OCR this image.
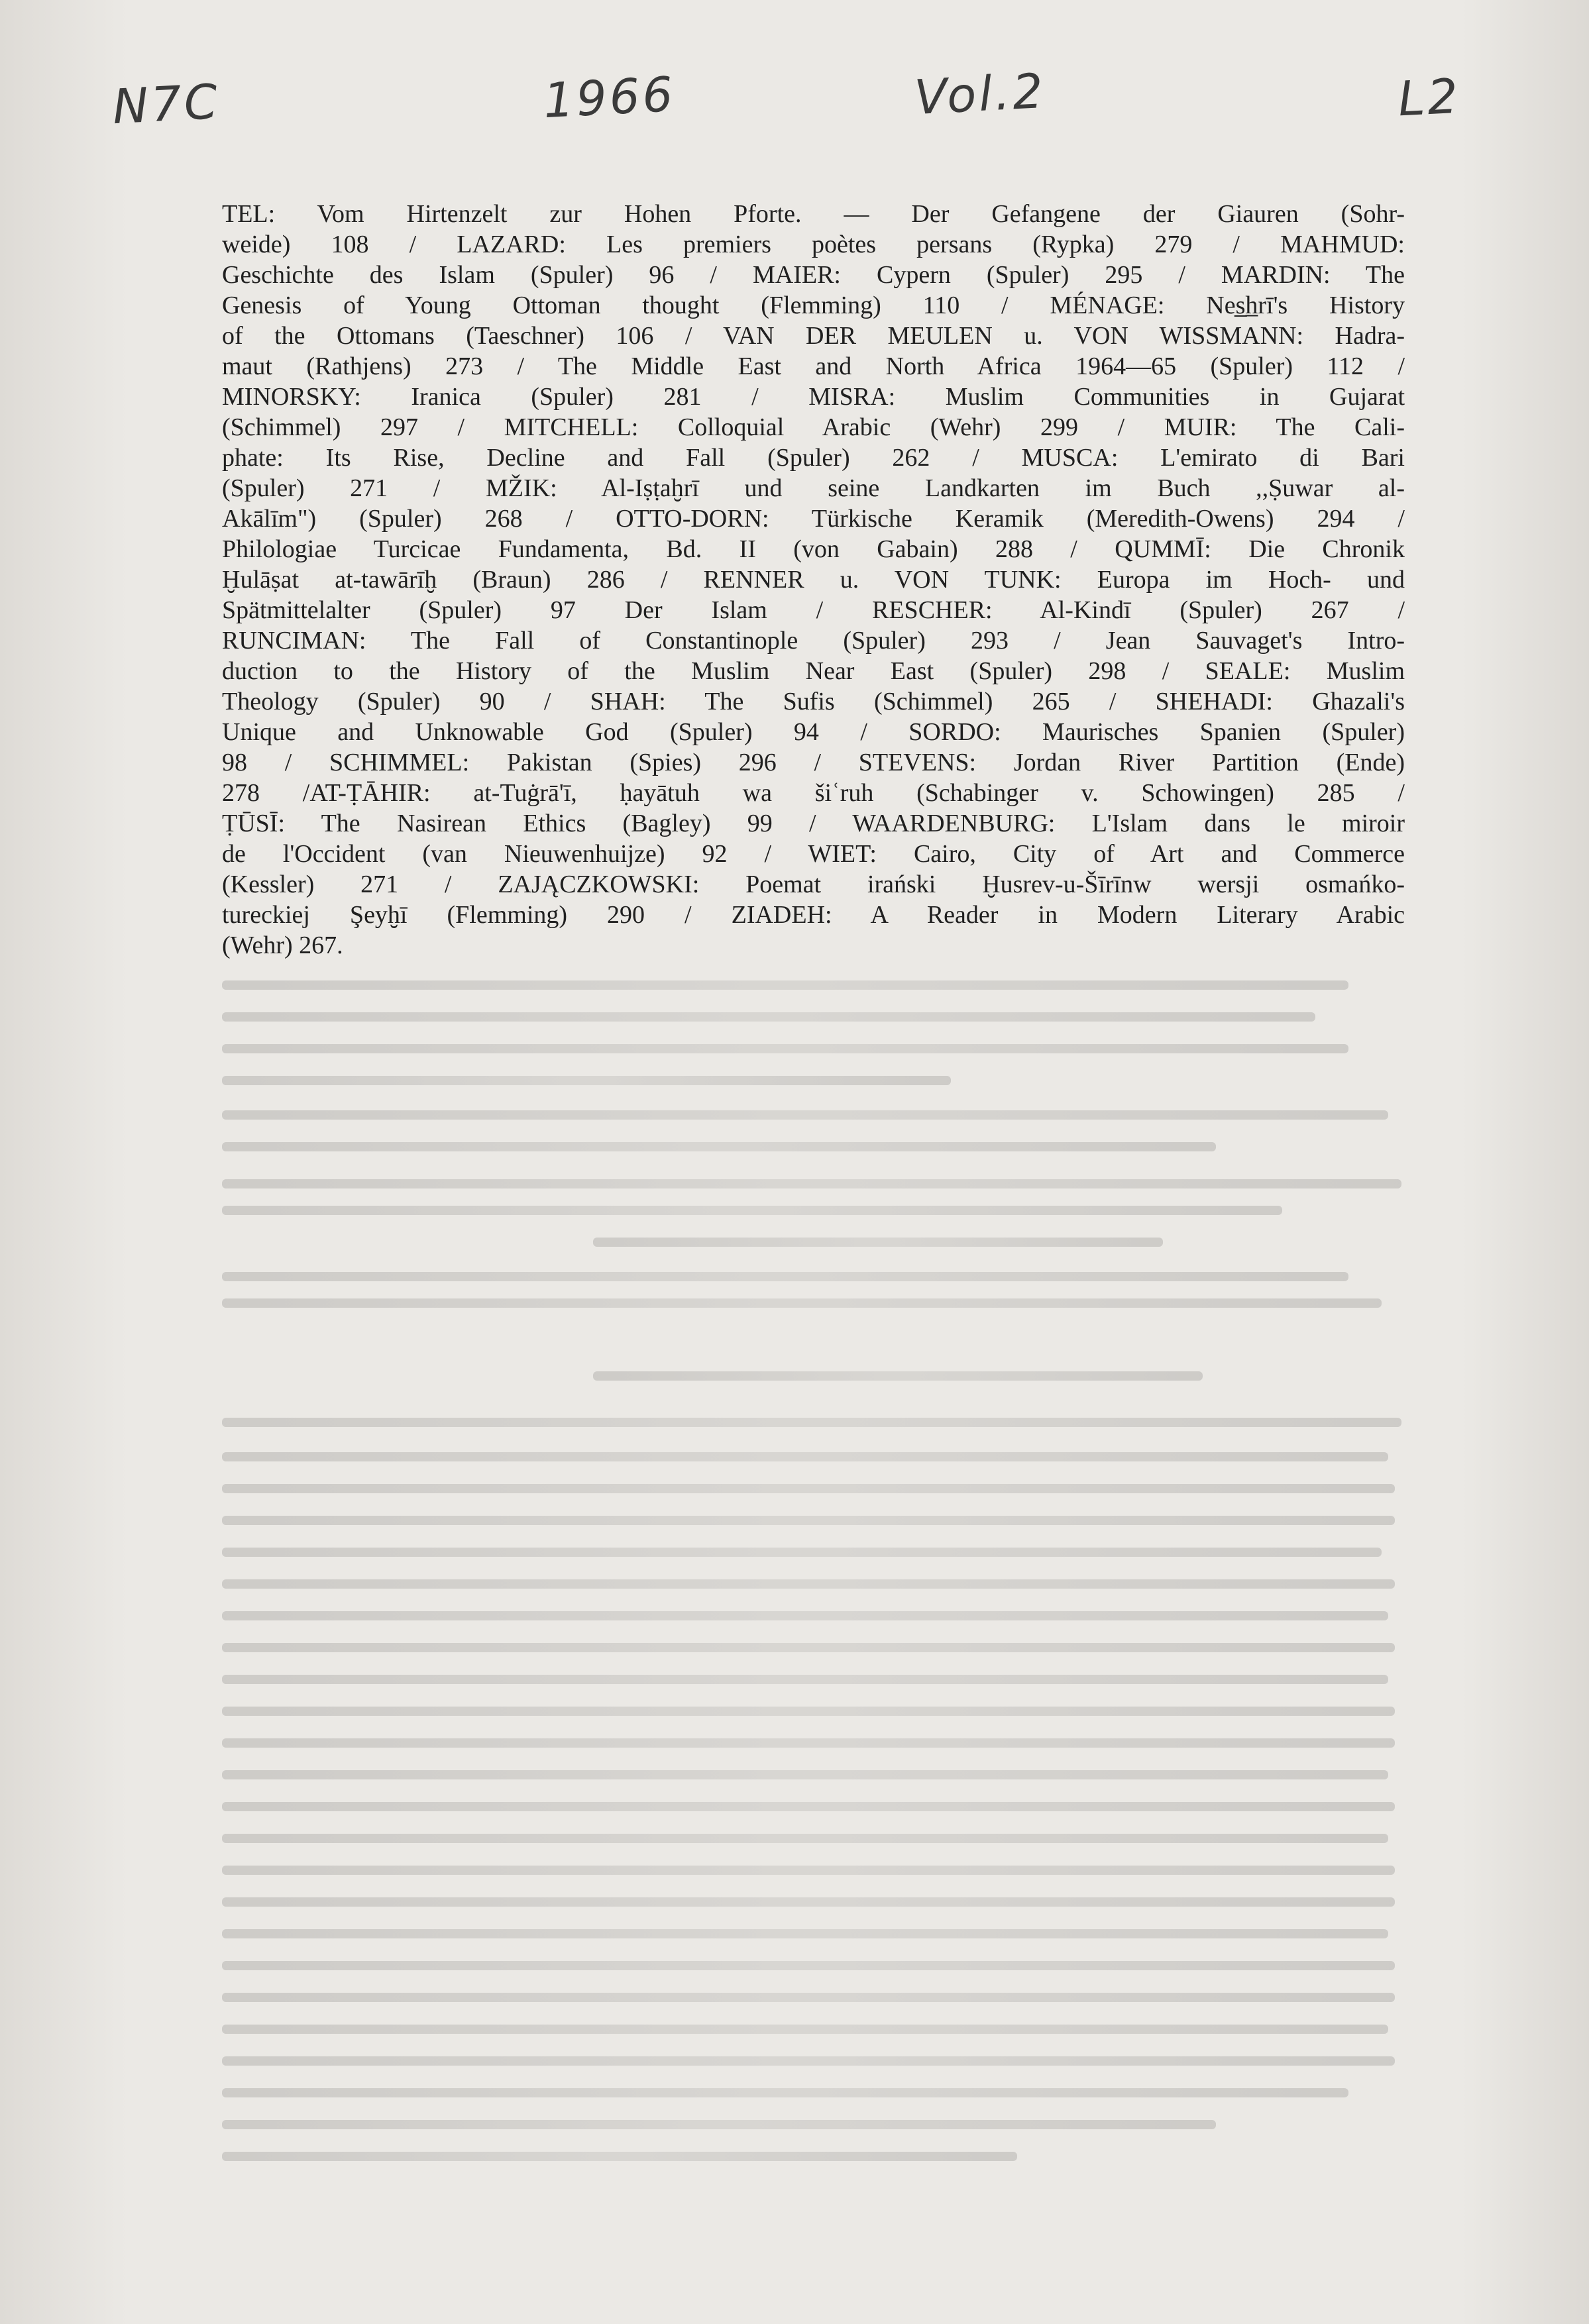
N7C	1966	Vol.2	L2
TEL: Vom Hirtenzelt zur Hohen Pforte. — Der Gefangene der Giauren (Sohr-
weide) 108 / LAZARD: Les premiers poètes persans (Rypka) 279 / MAHMUD:
Geschichte des Islam (Spuler) 96 / MAIER: Cypern (Spuler) 295 / MARDIN: The
Genesis of Young Ottoman thought (Flemming) 110 / MÉNAGE: Nes̲h̲rī's History
of the Ottomans (Taeschner) 106 / VAN DER MEULEN u. VON WISSMANN: Hadra-
maut (Rathjens) 273 / The Middle East and North Africa 1964—65 (Spuler) 112 /
MINORSKY: Iranica (Spuler) 281 / MISRA: Muslim Communities in Gujarat
(Schimmel) 297 / MITCHELL: Colloquial Arabic (Wehr) 299 / MUIR: The Cali-
phate: Its Rise, Decline and Fall (Spuler) 262 / MUSCA: L'emirato di Bari
(Spuler) 271 / MŽIK: Al-Iṣṭaḫrī und seine Landkarten im Buch ,,Ṣuwar al-
Akālīm") (Spuler) 268 / OTTO-DORN: Türkische Keramik (Meredith-Owens) 294 /
Philologiae Turcicae Fundamenta, Bd. II (von Gabain) 288 / QUMMĪ: Die Chronik
Ḫulāṣat at-tawārīḫ (Braun) 286 / RENNER u. VON TUNK: Europa im Hoch- und
Spätmittelalter (Spuler) 97 Der Islam / RESCHER: Al-Kindī (Spuler) 267 /
RUNCIMAN: The Fall of Constantinople (Spuler) 293 / Jean Sauvaget's Intro-
duction to the History of the Muslim Near East (Spuler) 298 / SEALE: Muslim
Theology (Spuler) 90 / SHAH: The Sufis (Schimmel) 265 / SHEHADI: Ghazali's
Unique and Unknowable God (Spuler) 94 / SORDO: Maurisches Spanien (Spuler)
98 / SCHIMMEL: Pakistan (Spies) 296 / STEVENS: Jordan River Partition (Ende)
278 /AT-ṬĀHIR: at-Tuġrā'ī, ḥayātuh wa šiʿruh (Schabinger v. Schowingen) 285 /
ṬŪSĪ: The Nasirean Ethics (Bagley) 99 / WAARDENBURG: L'Islam dans le miroir
de l'Occident (van Nieuwenhuijze) 92 / WIET: Cairo, City of Art and Commerce
(Kessler) 271 / ZAJĄCZKOWSKI: Poemat irański Ḫusrev-u-Šīrīnw wersji osmańko-
tureckiej Şeyḫī (Flemming) 290 / ZIADEH: A Reader in Modern Literary Arabic
(Wehr) 267.
